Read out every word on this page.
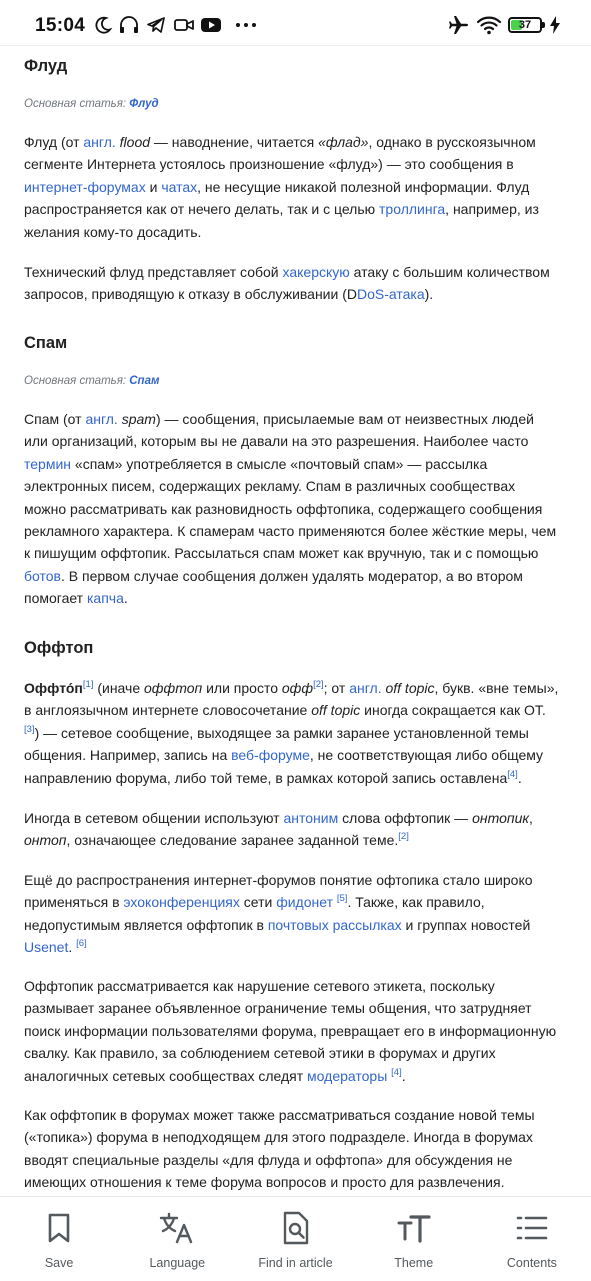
15:04	37
Флуд
Основная статья: Флуд

Флуд (от англ. flood — наводнение, читается «флад», однако в русскоязычном сегменте Интернета устоялось произношение «флуд») — это сообщения в интернет-форумах и чатах, не несущие никакой полезной информации. Флуд распространяется как от нечего делать, так и с целью троллинга, например, из желания кому-то досадить.

Технический флуд представляет собой хакерскую атаку с большим количеством запросов, приводящую к отказу в обслуживании (DDoS-атака).

Спам
Основная статья: Спам

Спам (от англ. spam) — сообщения, присылаемые вам от неизвестных людей или организаций, которым вы не давали на это разрешения. Наиболее часто термин «спам» употребляется в смысле «почтовый спам» — рассылка электронных писем, содержащих рекламу. Спам в различных сообществах можно рассматривать как разновидность оффтопика, содержащего сообщения рекламного характера. К спамерам часто применяются более жёсткие меры, чем к пишущим оффтопик. Рассылаться спам может как вручную, так и с помощью ботов. В первом случае сообщения должен удалять модератор, а во втором помогает капча.

Оффтоп

Оффто́п[1] (иначе оффтоп или просто офф[2]; от англ. off topic, букв. «вне темы», в англоязычном интернете словосочетание off topic иногда сокращается как OT.[3]) — сетевое сообщение, выходящее за рамки заранее установленной темы общения. Например, запись на веб-форуме, не соответствующая либо общему направлению форума, либо той теме, в рамках которой запись оставлена[4].

Иногда в сетевом общении используют антоним слова оффтопик — онтопик, онтоп, означающее следование заранее заданной теме.[2]

Ещё до распространения интернет-форумов понятие офтопика стало широко применяться в эхоконференциях сети фидонет [5]. Также, как правило, недопустимым является оффтопик в почтовых рассылках и группах новостей Usenet. [6]

Оффтопик рассматривается как нарушение сетевого этикета, поскольку размывает заранее объявленное ограничение темы общения, что затрудняет поиск информации пользователями форума, превращает его в информационную свалку. Как правило, за соблюдением сетевой этики в форумах и других аналогичных сетевых сообществах следят модераторы [4].

Как оффтопик в форумах может также рассматриваться создание новой темы («топика») форума в неподходящем для этого подразделе. Иногда в форумах вводят специальные разделы «для флуда и оффтопа» для обсуждения не имеющих отношения к теме форума вопросов и просто для развлечения.

Save	Language	Find in article	Theme	Contents
